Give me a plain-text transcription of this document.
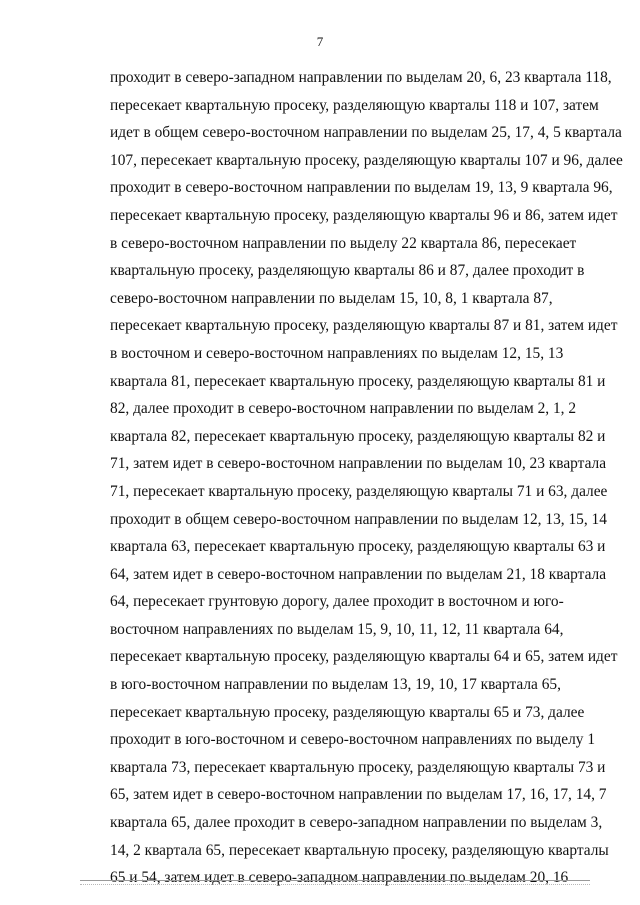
7
проходит в северо-западном направлении по выделам 20, 6, 23 квартала 118,
пересекает квартальную просеку, разделяющую кварталы 118 и 107, затем
идет в общем северо-восточном направлении по выделам 25, 17, 4, 5 квартала
107, пересекает квартальную просеку, разделяющую кварталы 107 и 96, далее
проходит в северо-восточном направлении по выделам 19, 13, 9 квартала 96,
пересекает квартальную просеку, разделяющую кварталы 96 и 86, затем идет
в северо-восточном направлении по выделу 22 квартала 86, пересекает
квартальную просеку, разделяющую кварталы 86 и 87, далее проходит в
северо-восточном направлении по выделам 15, 10, 8, 1 квартала 87,
пересекает квартальную просеку, разделяющую кварталы 87 и 81, затем идет
в восточном и северо-восточном направлениях по выделам 12, 15, 13
квартала 81, пересекает квартальную просеку, разделяющую кварталы 81 и
82, далее проходит в северо-восточном направлении по выделам 2, 1, 2
квартала 82, пересекает квартальную просеку, разделяющую кварталы 82 и
71, затем идет в северо-восточном направлении по выделам 10, 23 квартала
71, пересекает квартальную просеку, разделяющую кварталы 71 и 63, далее
проходит в общем северо-восточном направлении по выделам 12, 13, 15, 14
квартала 63, пересекает квартальную просеку, разделяющую кварталы 63 и
64, затем идет в северо-восточном направлении по выделам 21, 18 квартала
64, пересекает грунтовую дорогу, далее проходит в восточном и юго-
восточном направлениях по выделам 15, 9, 10, 11, 12, 11 квартала 64,
пересекает квартальную просеку, разделяющую кварталы 64 и 65, затем идет
в юго-восточном направлении по выделам 13, 19, 10, 17 квартала 65,
пересекает квартальную просеку, разделяющую кварталы 65 и 73, далее
проходит в юго-восточном и северо-восточном направлениях по выделу 1
квартала 73, пересекает квартальную просеку, разделяющую кварталы 73 и
65, затем идет в северо-восточном направлении по выделам 17, 16, 17, 14, 7
квартала 65, далее проходит в северо-западном направлении по выделам 3,
14, 2 квартала 65, пересекает квартальную просеку, разделяющую кварталы
65 и 54, затем идет в северо-западном направлении по выделам 20, 16
